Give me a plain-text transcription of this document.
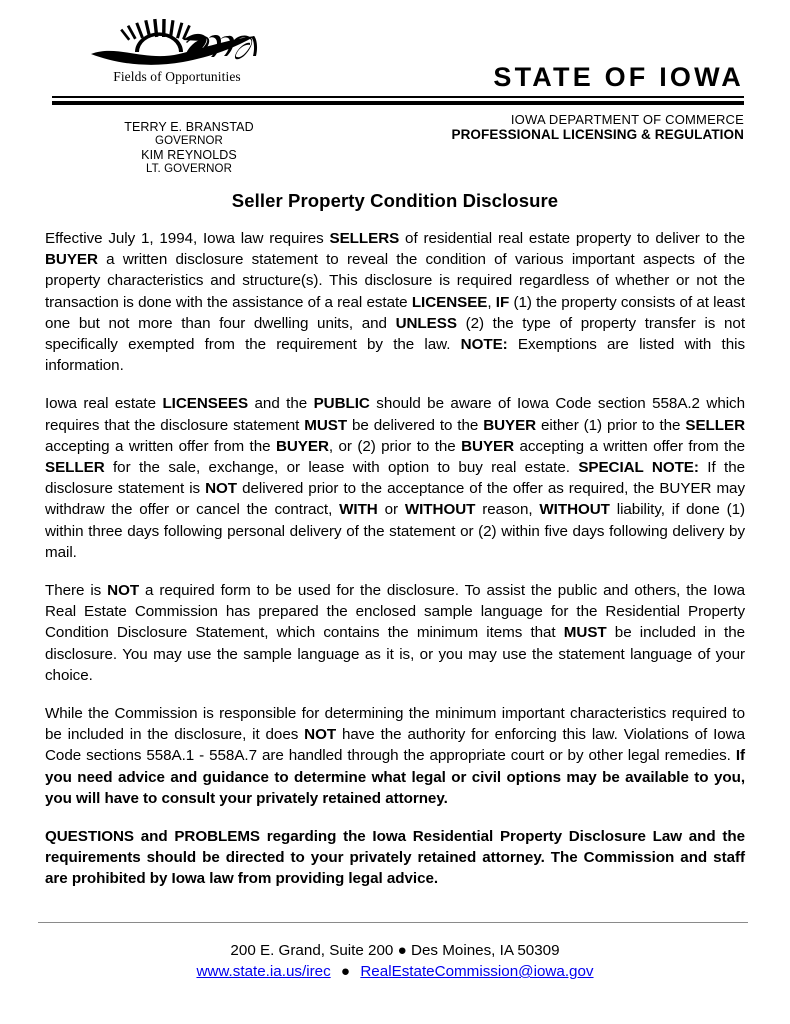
Fields of Opportunities	STATE OF IOWA
IOWA DEPARTMENT OF COMMERCE
PROFESSIONAL LICENSING & REGULATION
TERRY E. BRANSTAD
GOVERNOR
KIM REYNOLDS
LT. GOVERNOR
Seller Property Condition Disclosure

Effective July 1, 1994, Iowa law requires SELLERS of residential real estate property to deliver to the BUYER a written disclosure statement to reveal the condition of various important aspects of the property characteristics and structure(s). This disclosure is required regardless of whether or not the transaction is done with the assistance of a real estate LICENSEE, IF (1) the property consists of at least one but not more than four dwelling units, and UNLESS (2) the type of property transfer is not specifically exempted from the requirement by the law. NOTE: Exemptions are listed with this information.

Iowa real estate LICENSEES and the PUBLIC should be aware of Iowa Code section 558A.2 which requires that the disclosure statement MUST be delivered to the BUYER either (1) prior to the SELLER accepting a written offer from the BUYER, or (2) prior to the BUYER accepting a written offer from the SELLER for the sale, exchange, or lease with option to buy real estate. SPECIAL NOTE: If the disclosure statement is NOT delivered prior to the acceptance of the offer as required, the BUYER may withdraw the offer or cancel the contract, WITH or WITHOUT reason, WITHOUT liability, if done (1) within three days following personal delivery of the statement or (2) within five days following delivery by mail.

There is NOT a required form to be used for the disclosure. To assist the public and others, the Iowa Real Estate Commission has prepared the enclosed sample language for the Residential Property Condition Disclosure Statement, which contains the minimum items that MUST be included in the disclosure. You may use the sample language as it is, or you may use the statement language of your choice.

While the Commission is responsible for determining the minimum important characteristics required to be included in the disclosure, it does NOT have the authority for enforcing this law. Violations of Iowa Code sections 558A.1 - 558A.7 are handled through the appropriate court or by other legal remedies. If you need advice and guidance to determine what legal or civil options may be available to you, you will have to consult your privately retained attorney.

QUESTIONS and PROBLEMS regarding the Iowa Residential Property Disclosure Law and the requirements should be directed to your privately retained attorney. The Commission and staff are prohibited by Iowa law from providing legal advice.

200 E. Grand, Suite 200 ● Des Moines, IA 50309
www.state.ia.us/irec ● RealEstateCommission@iowa.gov
